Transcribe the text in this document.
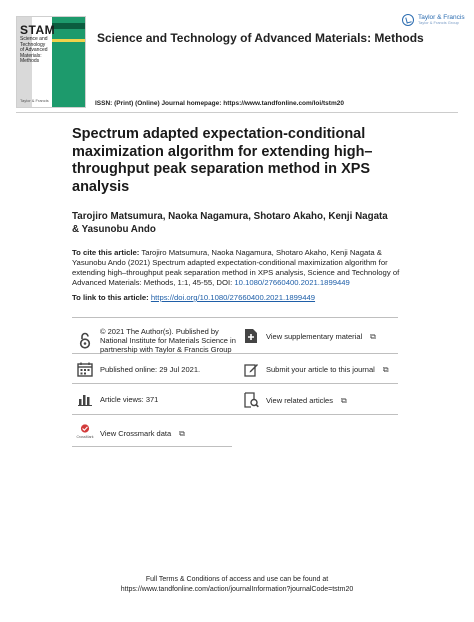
STAM
Science and Technology of Advanced Materials: Methods
Taylor & Francis
Taylor & Francis
Taylor & Francis Group
Science and Technology of Advanced Materials: Methods
ISSN: (Print) (Online) Journal homepage: https://www.tandfonline.com/loi/tstm20
Spectrum adapted expectation-conditional maximization algorithm for extending high–throughput peak separation method in XPS analysis
Tarojiro Matsumura, Naoka Nagamura, Shotaro Akaho, Kenji Nagata & Yasunobu Ando
To cite this article: Tarojiro Matsumura, Naoka Nagamura, Shotaro Akaho, Kenji Nagata & Yasunobu Ando (2021) Spectrum adapted expectation-conditional maximization algorithm for extending high–throughput peak separation method in XPS analysis, Science and Technology of Advanced Materials: Methods, 1:1, 45-55, DOI: 10.1080/27660400.2021.1899449
To link to this article: https://doi.org/10.1080/27660400.2021.1899449
© 2021 The Author(s). Published by National Institute for Materials Science in partnership with Taylor & Francis Group
Published online: 29 Jul 2021.
Article views: 371
CrossMark View Crossmark data ⧉
View supplementary material ⧉
Submit your article to this journal ⧉
View related articles ⧉
Full Terms & Conditions of access and use can be found at
https://www.tandfonline.com/action/journalInformation?journalCode=tstm20
